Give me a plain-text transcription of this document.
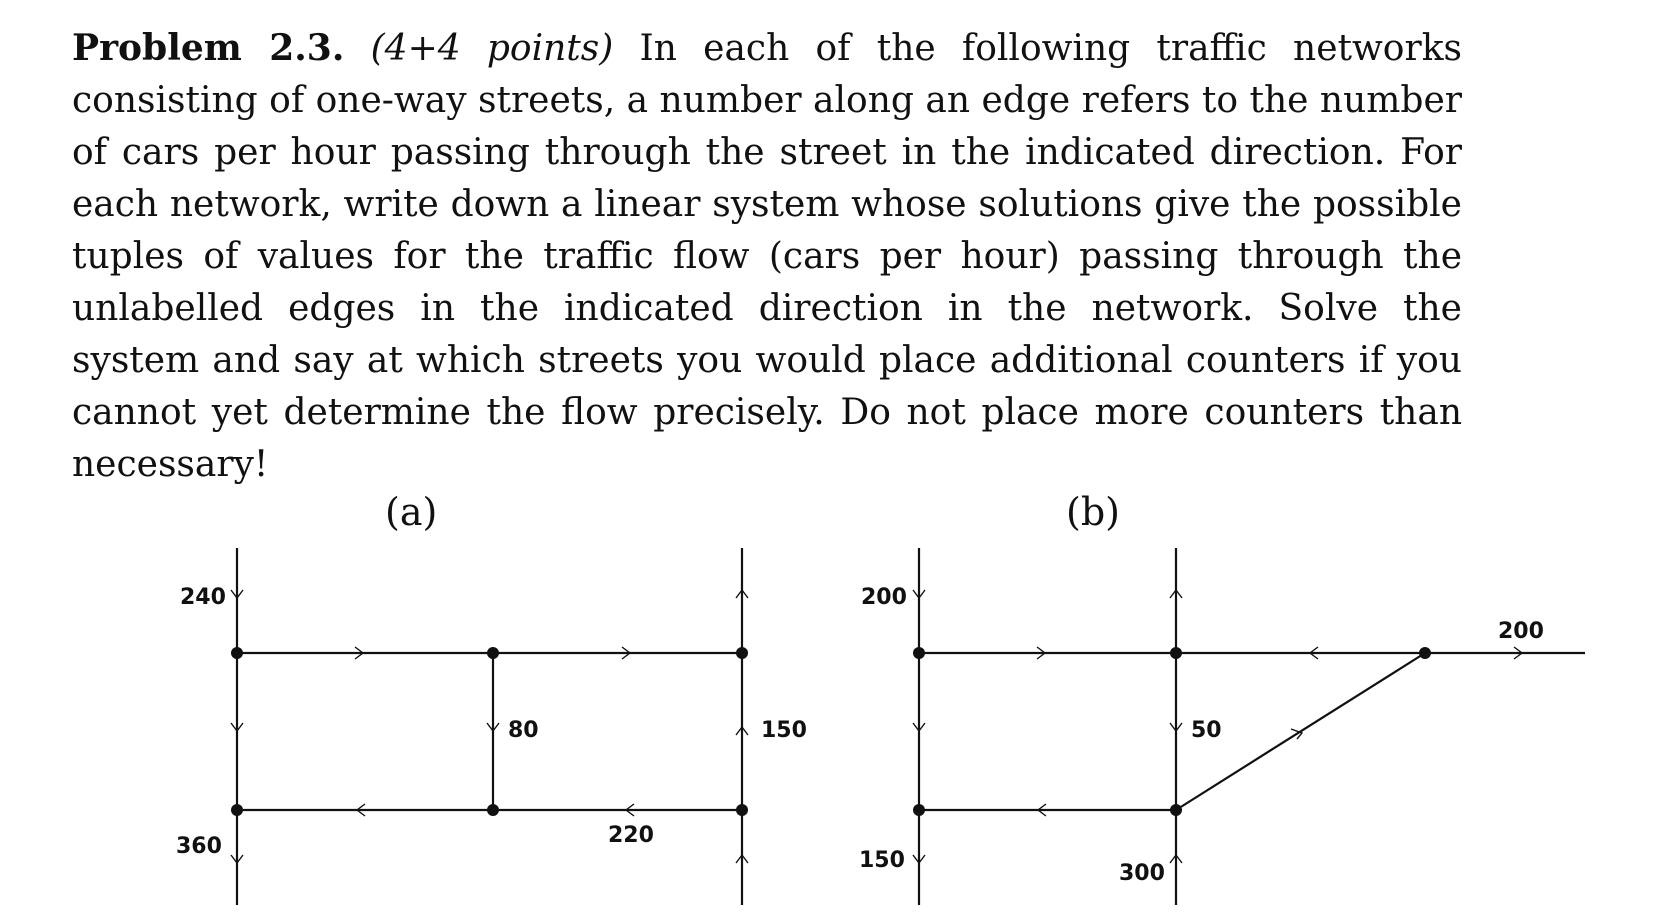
Problem 2.3. (4+4 points) In each of the following traffic networks consisting of one-way streets, a number along an edge refers to the number of cars per hour passing through the street in the indicated direction. For each network, write down a linear system whose solutions give the possible tuples of values for the traffic flow (cars per hour) passing through the unlabelled edges in the indicated direction in the network. Solve the system and say at which streets you would place additional counters if you cannot yet determine the flow precisely. Do not place more counters than necessary!
(a)	(b)
240
360
80	150
220
200
150
50
300
200
